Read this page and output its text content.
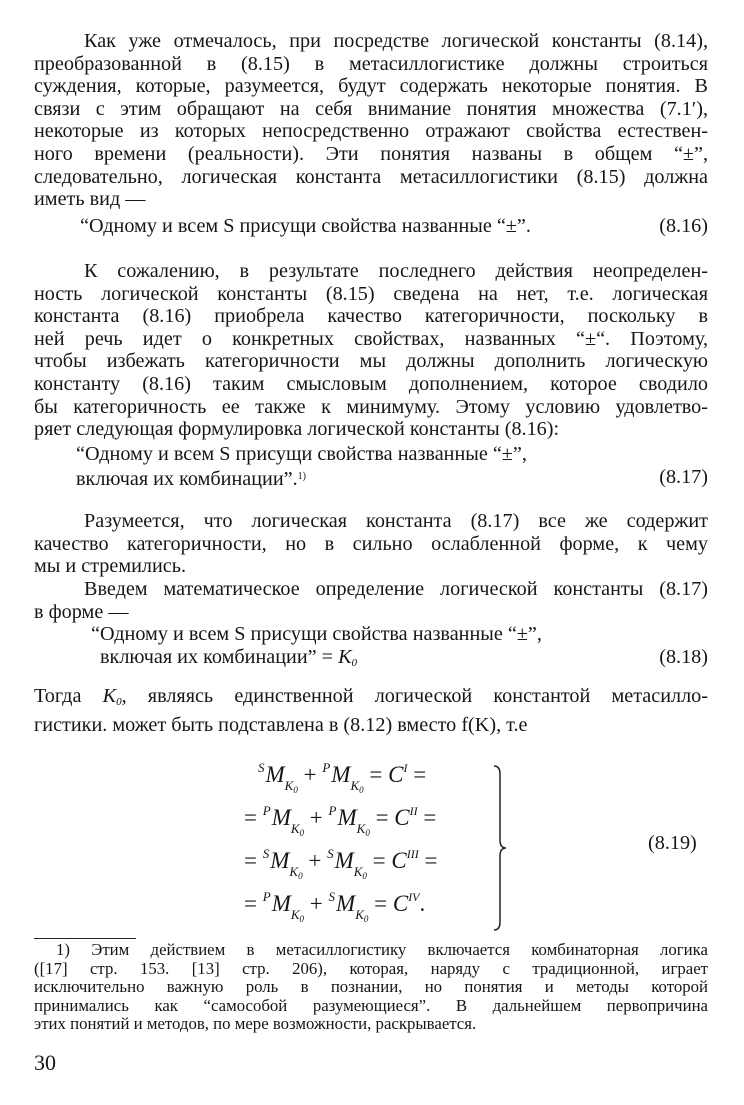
Как уже отмечалось, при посредстве логической константы (8.14),
преобразованной в (8.15) в метасиллогистике должны строиться
суждения, которые, разумеется, будут содержать некоторые понятия. В
связи с этим обращают на себя внимание понятия множества (7.1′),
некоторые из которых непосредственно отражают свойства естествен-
ного времени (реальности). Эти понятия названы в общем “±”,
следовательно, логическая константа метасиллогистики (8.15) должна
иметь вид —

“Одному и всем S присущи свойства названные “±”.	(8.16)

К сожалению, в результате последнего действия неопределен-
ность логической константы (8.15) сведена на нет, т.е. логическая
константа (8.16) приобрела качество категоричности, поскольку в
ней речь идет о конкретных свойствах, названных “±“. Поэтому,
чтобы избежать категоричности мы должны дополнить логическую
константу (8.16) таким смысловым дополнением, которое сводило
бы категоричность ее также к минимуму. Этому условию удовлетво-
ряет следующая формулировка логической константы (8.16):

“Одному и всем S присущи свойства названные “±”,
включая их комбинации”.$^{1)}$	(8.17)

Разумеется, что логическая константа (8.17) все же содержит
качество категоричности, но в сильно ослабленной форме, к чему
мы и стремились.

Введем математическое определение логической константы (8.17)
в форме —

“Одному и всем S присущи свойства названные “±”,
включая их комбинации” = $K_0$	(8.18)

Тогда $K_0$, являясь единственной логической константой метасилло-
гистики. может быть подставлена в (8.12) вместо f(K), т.е

$^SM_{K_0} + ^PM_{K_0} = C^I$ =
= $^PM_{K_0} + ^PM_{K_0} = C^{II}$ =
= $^SM_{K_0} + ^SM_{K_0} = C^{III}$ =
= $^PM_{K_0} + ^SM_{K_0} = C^{IV}$.
(8.19)
1) Этим действием в метасиллогистику включается комбинаторная логика
([17] стр. 153. [13] стр. 206), которая, наряду с традиционной, играет
исключительно важную роль в познании, но понятия и методы которой
принимались как “самособой разумеющиеся”. В дальнейшем первопричина
этих понятий и методов, по мере возможности, раскрывается.
30
